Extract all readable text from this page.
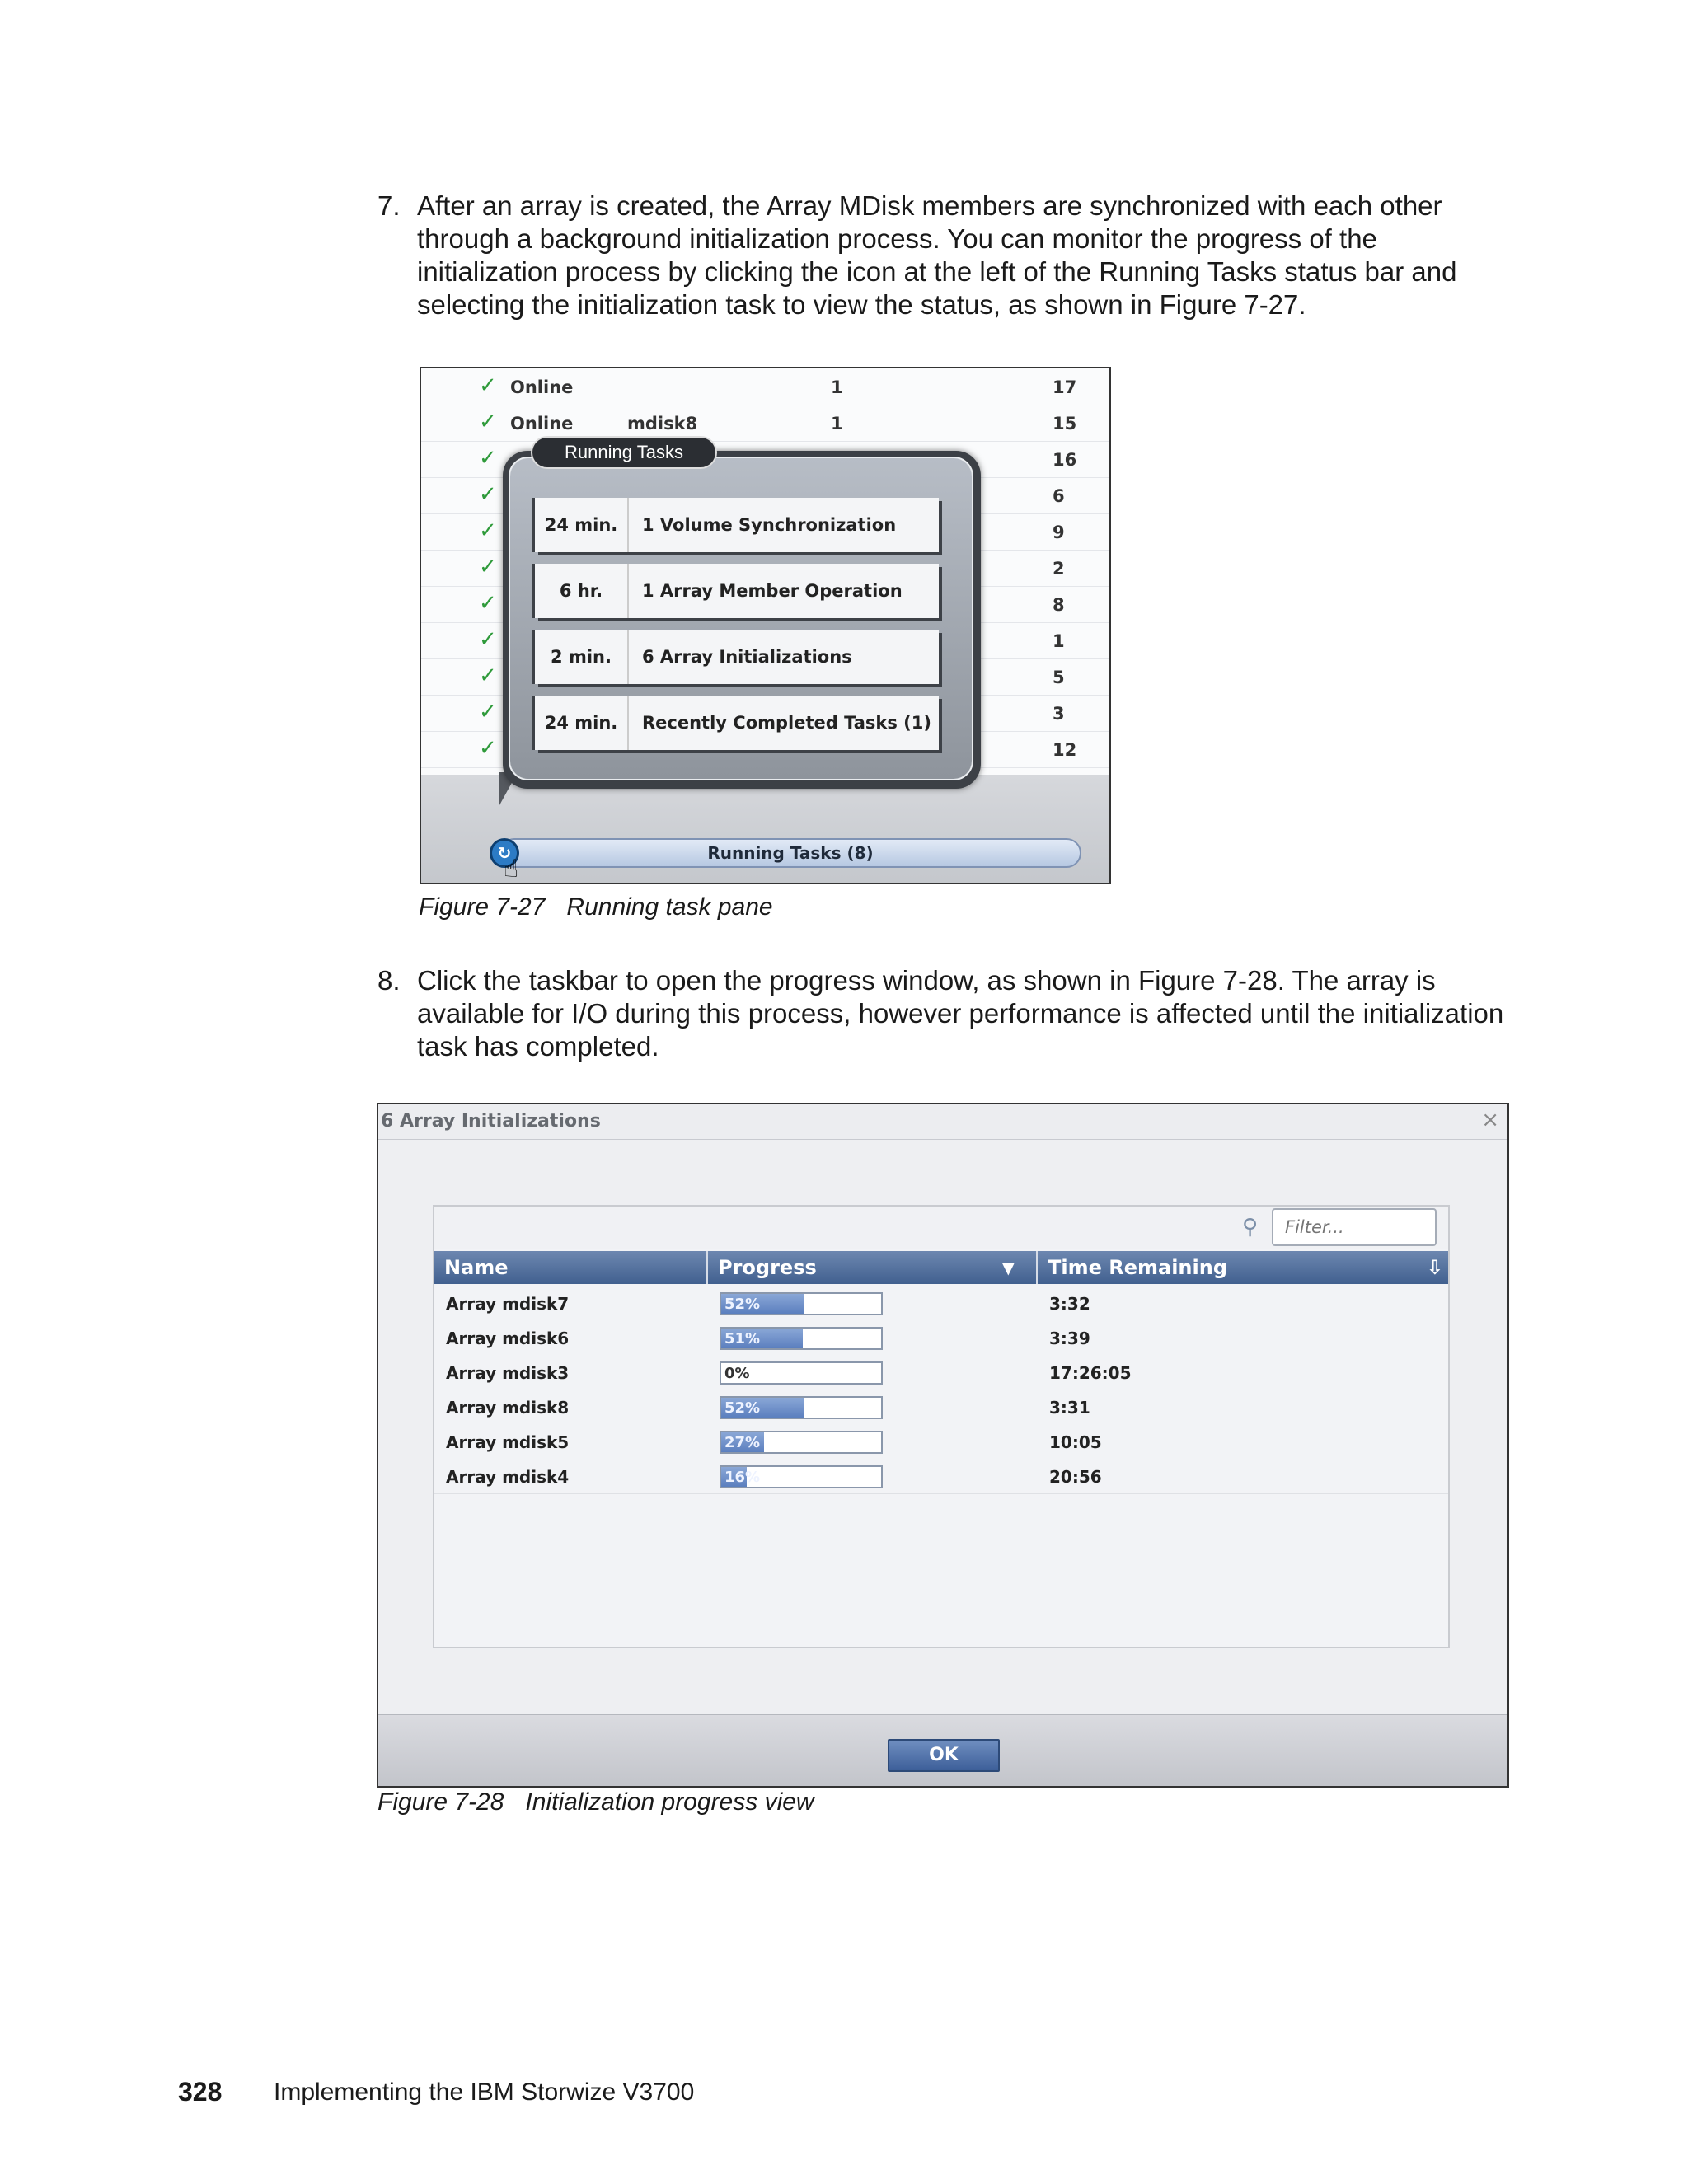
7. After an array is created, the Array MDisk members are synchronized with each other through a background initialization process. You can monitor the progress of the initialization process by clicking the icon at the left of the Running Tasks status bar and selecting the initialization task to view the status, as shown in Figure 7-27.
✓ Online	1	17
✓ Online	mdisk8	1	15
✓	16
✓	6
✓	9
✓	2
✓	8
✓	1
✓	5
✓	3
✓	12
Running Tasks
24 min.	1 Volume Synchronization
6 hr.	1 Array Member Operation
2 min.	6 Array Initializations
24 min.	Recently Completed Tasks (1)
Running Tasks (8)
↻
☝
Figure 7-27 Running task pane
8. Click the taskbar to open the progress window, as shown in Figure 7-28. The array is available for I/O during this process, however performance is affected until the initialization task has completed.
6 Array Initializations	×
⚲
Filter...
Name	Progress	▼	Time Remaining	⇩
Array mdisk7	52%	3:32
Array mdisk6	51%	3:39
Array mdisk3	0%	17:26:05
Array mdisk8	52%	3:31
Array mdisk5	27%	10:05
Array mdisk4	16%	20:56
OK
Figure 7-28 Initialization progress view
328 Implementing the IBM Storwize V3700
